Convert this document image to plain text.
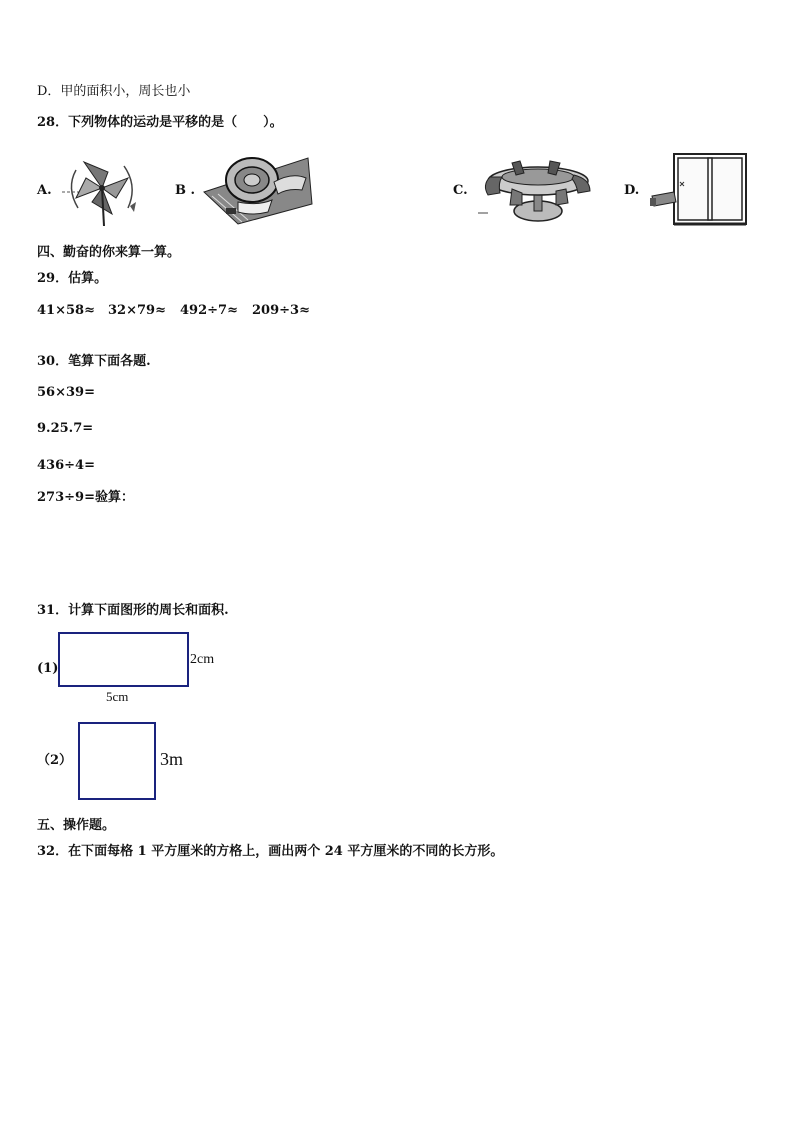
D．甲的面积小，周长也小
28．下列物体的运动是平移的是（　　）。
A.	B .	C.	D.
四、勤奋的你来算一算。
29．估算。
41×58≈ 32×79≈ 492÷7≈ 209÷3≈
30．笔算下面各题.
56×39=
9.25.7=
436÷4=
273÷9=验算：
31．计算下面图形的周长和面积.
(1)
2cm
5cm
（2）	3m
五、操作题。
32．在下面每格 1 平方厘米的方格上，画出两个 24 平方厘米的不同的长方形。
